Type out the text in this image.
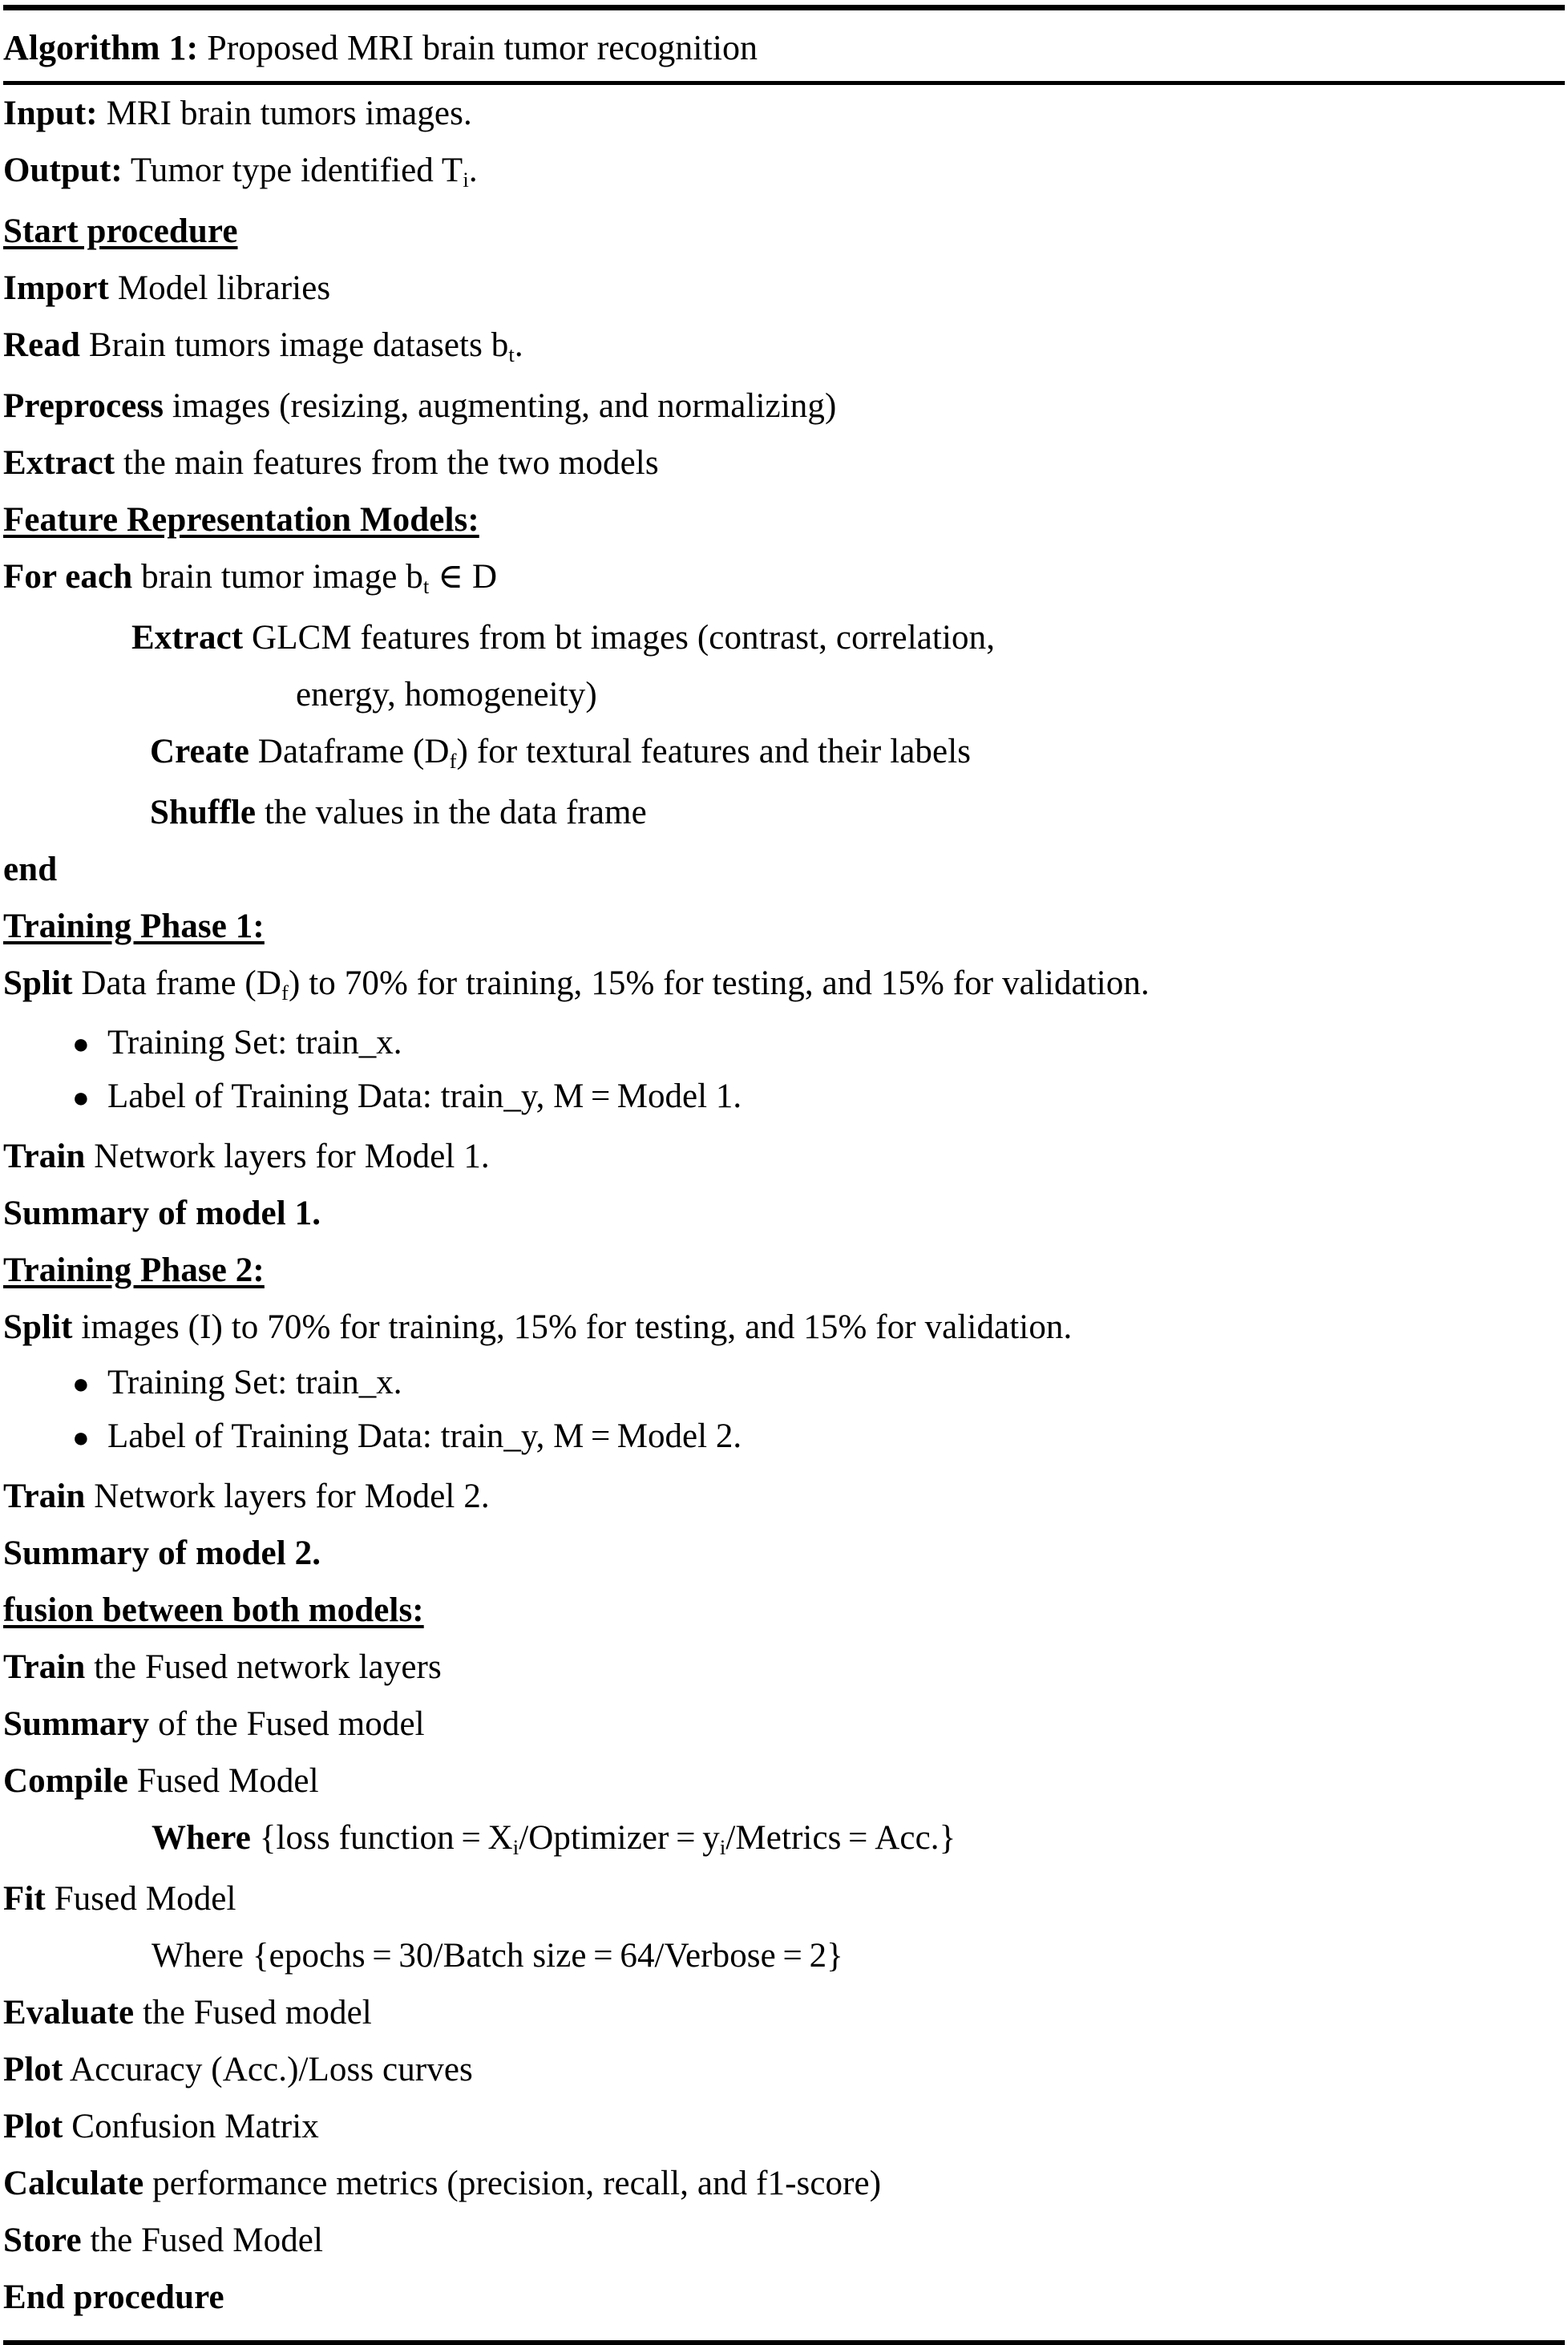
Algorithm 1: Proposed MRI brain tumor recognition
Input: MRI brain tumors images.
Output: Tumor type identified $T_i$.
Start procedure
Import Model libraries
Read Brain tumors image datasets $b_t$.
Preprocess images (resizing, augmenting, and normalizing)
Extract the main features from the two models
Feature Representation Models:
For each brain tumor image $b_t$ ∈ D
Extract GLCM features from bt images (contrast, correlation,
energy, homogeneity)
Create Dataframe $(D_f)$ for textural features and their labels
Shuffle the values in the data frame
end
Training Phase 1:
Split Data frame $(D_f)$ to 70% for training, 15% for testing, and 15% for validation.
● Training Set: train_x.
● Label of Training Data: train_y, M = Model 1.
Train Network layers for Model 1.
Summary of model 1.
Training Phase 2:
Split images (I) to 70% for training, 15% for testing, and 15% for validation.
● Training Set: train_x.
● Label of Training Data: train_y, M = Model 2.
Train Network layers for Model 2.
Summary of model 2.
fusion between both models:
Train the Fused network layers
Summary of the Fused model
Compile Fused Model
Where {loss function = $X_i$/Optimizer = $y_i$/Metrics = Acc.}
Fit Fused Model
Where {epochs = 30/Batch size = 64/Verbose = 2}
Evaluate the Fused model
Plot Accuracy (Acc.)/Loss curves
Plot Confusion Matrix
Calculate performance metrics (precision, recall, and f1-score)
Store the Fused Model
End procedure
